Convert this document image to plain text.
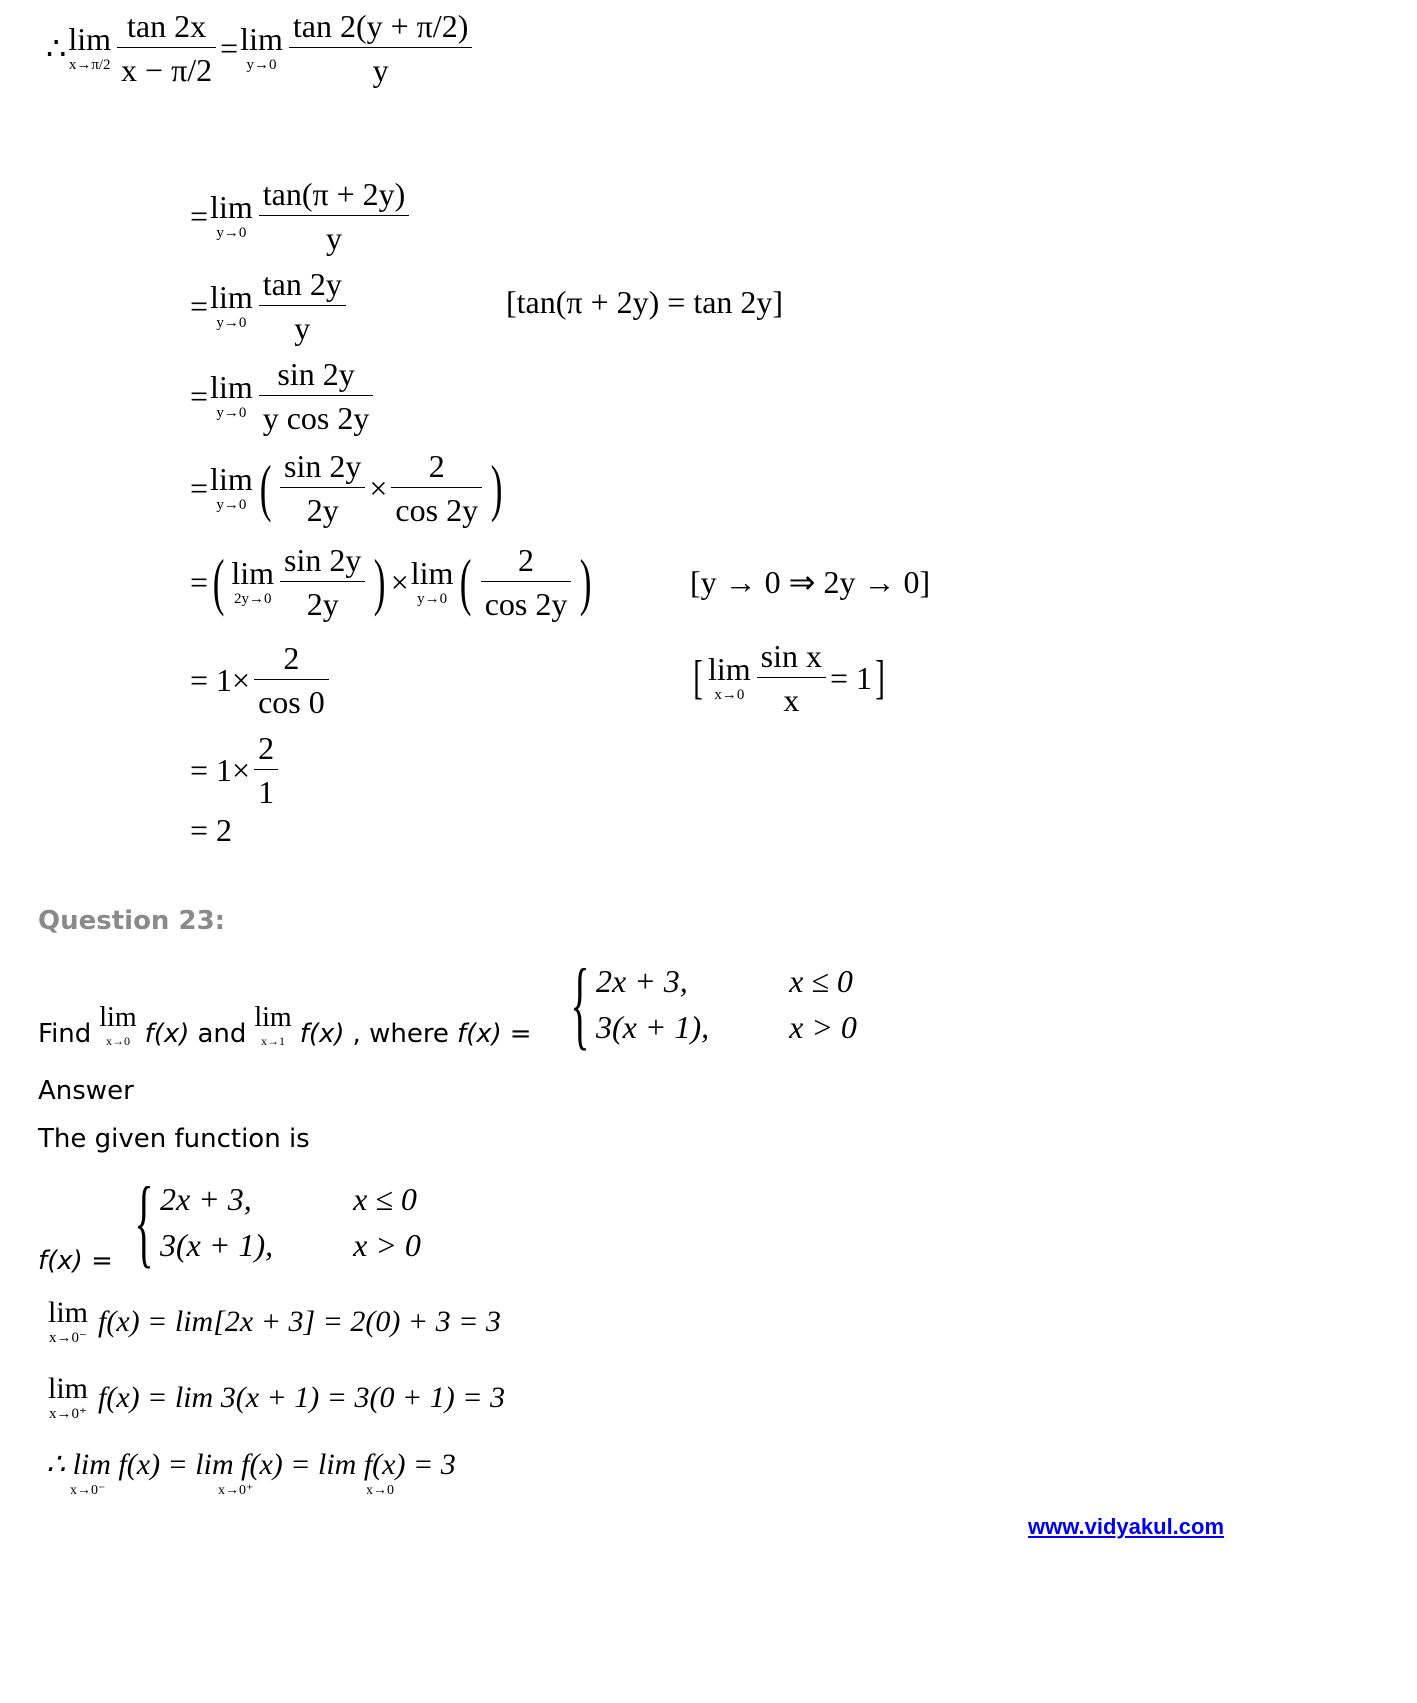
∴ lim
$x\to\pi/2 \frac{\tan 2x}{x - \pi/2} = \lim$
$y\to 0 \frac{\tan 2(y + \pi/2)}{y}$
= lim
$y\to 0 \frac{\tan(\pi + 2y)}{y}$
= lim
$y\to 0 \frac{\tan 2y}{y}$	[tan(π + 2y) = tan 2y]
= lim
$y\to 0 \frac{\sin 2y}{\text{y cos 2y}}$
= lim
y→0 ( $\frac{\sin 2y}{2y} \times \frac{2}{\cos 2y}$ )
= ( lim
$2y\to 0 \frac{\sin 2y}{2y}$ ) × lim
y→0 ( $\frac{2}{\cos 2y}$ )	[y → 0 ⇒ 2y → 0]
= $1\times \frac{2}{\cos 0}$	[ lim
$x\to 0 \frac{\text{sin x}}{x} = 1$ ]
= $1\times \frac{2}{1}$
= 2
Question 23:
{ 2x + 3,	x ≤ 0
3(x + 1),	x > 0
Find
lim
x→0 f(x) and
lim
x→1 f(x) , where f(x) =
Answer
The given function is
{ 2x + 3,	x ≤ 0
3(x + 1),	x > 0
f(x) =
lim
x→0⁻ f(x) = lim[2x + 3] = 2(0) + 3 = 3
lim
x→0⁺ f(x) = lim 3(x + 1) = 3(0 + 1) = 3
∴ lim f(x) = lim f(x) = lim f(x) = 3
x→0⁻	x→0⁺	x→0
www.vidyakul.com
